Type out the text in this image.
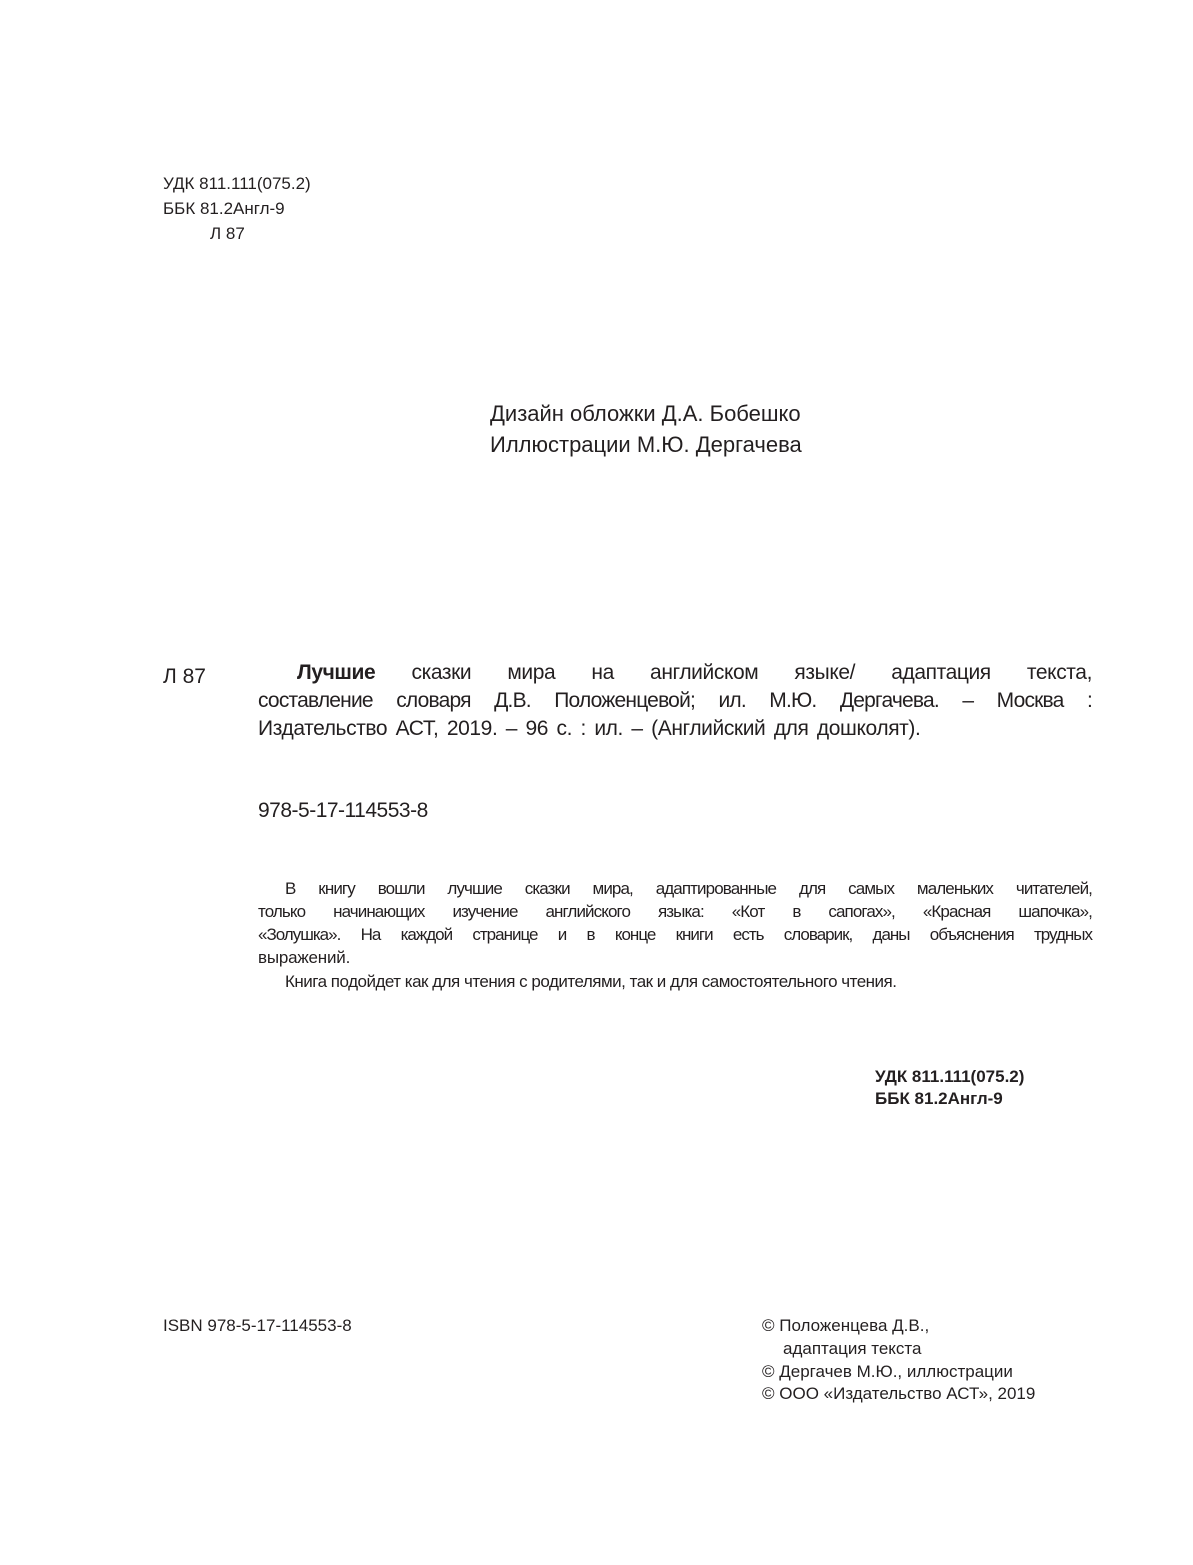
УДК 811.111(075.2)
ББК 81.2Англ-9
Л 87
Дизайн обложки Д.А. Бобешко
Иллюстрации М.Ю. Дергачева
Л 87	Лучшие сказки мира на английском языке/ адаптация текста,
составление словаря Д.В. Положенцевой; ил. М.Ю. Дергачева. – Москва :
Издательство АСТ, 2019. – 96 с. : ил. – (Английский для дошколят).
978-5-17-114553-8
В книгу вошли лучшие сказки мира, адаптированные для самых маленьких читателей,
только начинающих изучение английского языка: «Кот в сапогах», «Красная шапочка»,
«Золушка». На каждой странице и в конце книги есть словарик, даны объяснения трудных
выражений.
Книга подойдет как для чтения с родителями, так и для самостоятельного чтения.
УДК 811.111(075.2)
ББК 81.2Англ-9
ISBN 978-5-17-114553-8	© Положенцева Д.В.,
адаптация текста
© Дергачев М.Ю., иллюстрации
© ООО «Издательство АСТ», 2019
